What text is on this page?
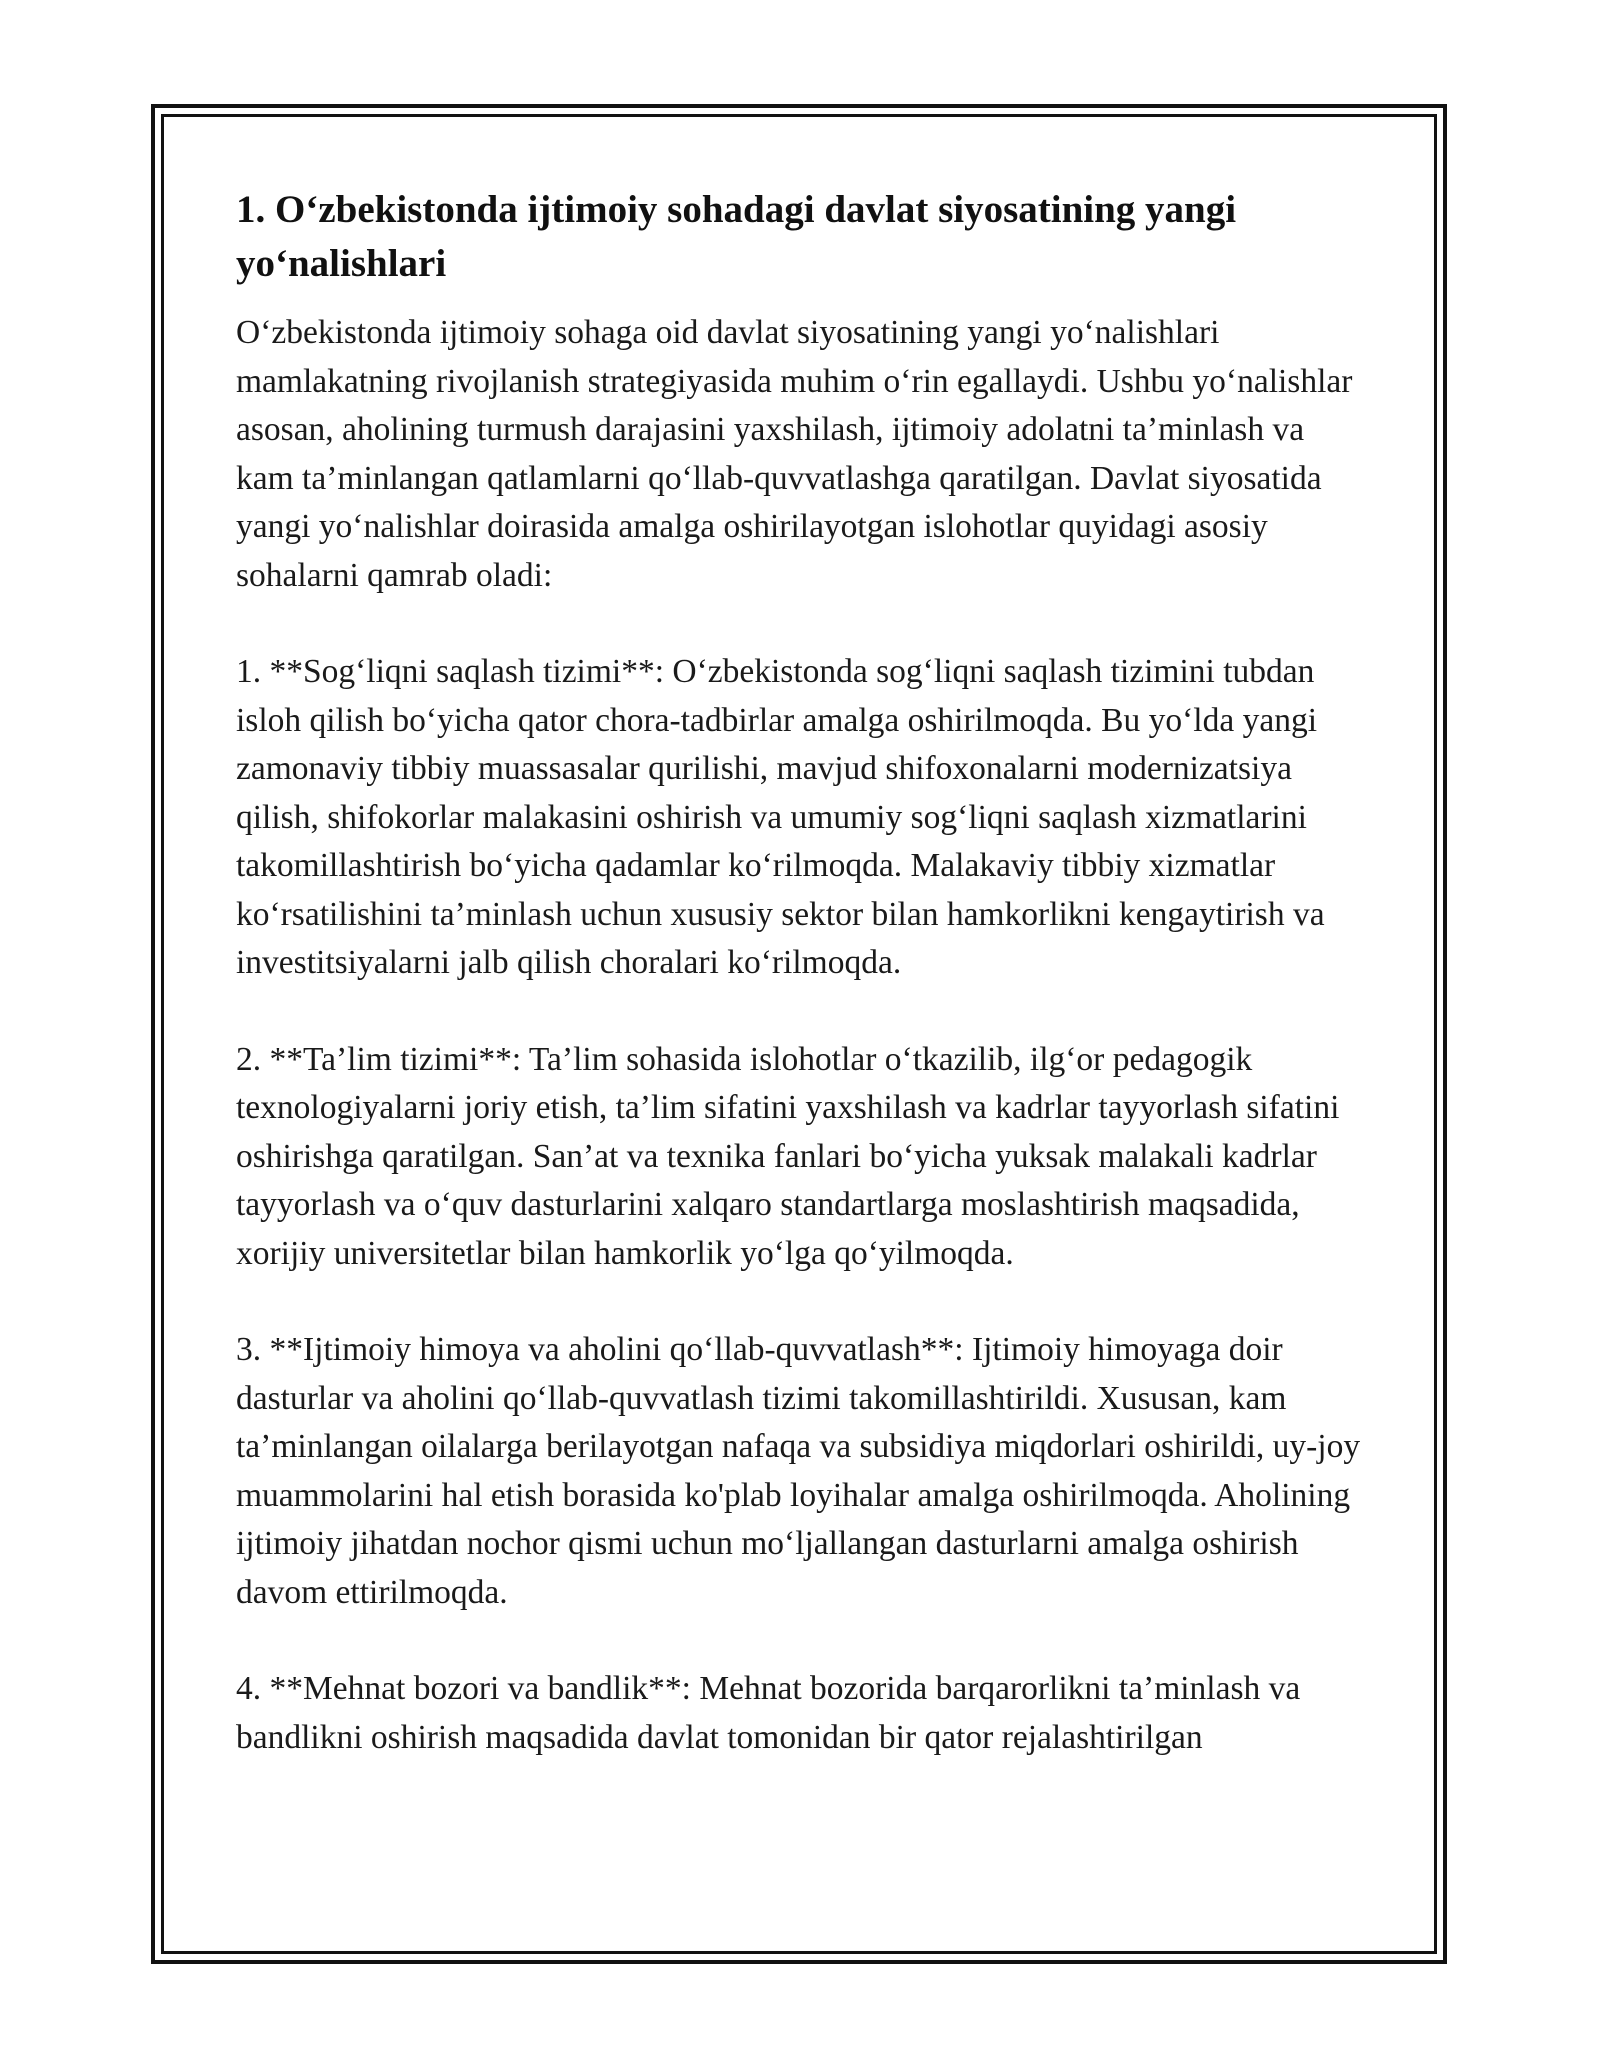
1. O‘zbekistonda ijtimoiy sohadagi davlat siyosatining yangi yo‘nalishlari

O‘zbekistonda ijtimoiy sohaga oid davlat siyosatining yangi yo‘nalishlari mamlakatning rivojlanish strategiyasida muhim o‘rin egallaydi. Ushbu yo‘nalishlar asosan, aholining turmush darajasini yaxshilash, ijtimoiy adolatni ta’minlash va kam ta’minlangan qatlamlarni qo‘llab-quvvatlashga qaratilgan. Davlat siyosatida yangi yo‘nalishlar doirasida amalga oshirilayotgan islohotlar quyidagi asosiy sohalarni qamrab oladi:

1. **Sog‘liqni saqlash tizimi**: O‘zbekistonda sog‘liqni saqlash tizimini tubdan isloh qilish bo‘yicha qator chora-tadbirlar amalga oshirilmoqda. Bu yo‘lda yangi zamonaviy tibbiy muassasalar qurilishi, mavjud shifoxonalarni modernizatsiya qilish, shifokorlar malakasini oshirish va umumiy sog‘liqni saqlash xizmatlarini takomillashtirish bo‘yicha qadamlar ko‘rilmoqda. Malakaviy tibbiy xizmatlar ko‘rsatilishini ta’minlash uchun xususiy sektor bilan hamkorlikni kengaytirish va investitsiyalarni jalb qilish choralari ko‘rilmoqda.

2. **Ta’lim tizimi**: Ta’lim sohasida islohotlar o‘tkazilib, ilg‘or pedagogik texnologiyalarni joriy etish, ta’lim sifatini yaxshilash va kadrlar tayyorlash sifatini oshirishga qaratilgan. San’at va texnika fanlari bo‘yicha yuksak malakali kadrlar tayyorlash va o‘quv dasturlarini xalqaro standartlarga moslashtirish maqsadida, xorijiy universitetlar bilan hamkorlik yo‘lga qo‘yilmoqda.

3. **Ijtimoiy himoya va aholini qo‘llab-quvvatlash**: Ijtimoiy himoyaga doir dasturlar va aholini qo‘llab-quvvatlash tizimi takomillashtirildi. Xususan, kam ta’minlangan oilalarga berilayotgan nafaqa va subsidiya miqdorlari oshirildi, uy-joy muammolarini hal etish borasida ko'plab loyihalar amalga oshirilmoqda. Aholining ijtimoiy jihatdan nochor qismi uchun mo‘ljallangan dasturlarni amalga oshirish davom ettirilmoqda.

4. **Mehnat bozori va bandlik**: Mehnat bozorida barqarorlikni ta’minlash va bandlikni oshirish maqsadida davlat tomonidan bir qator rejalashtirilgan
